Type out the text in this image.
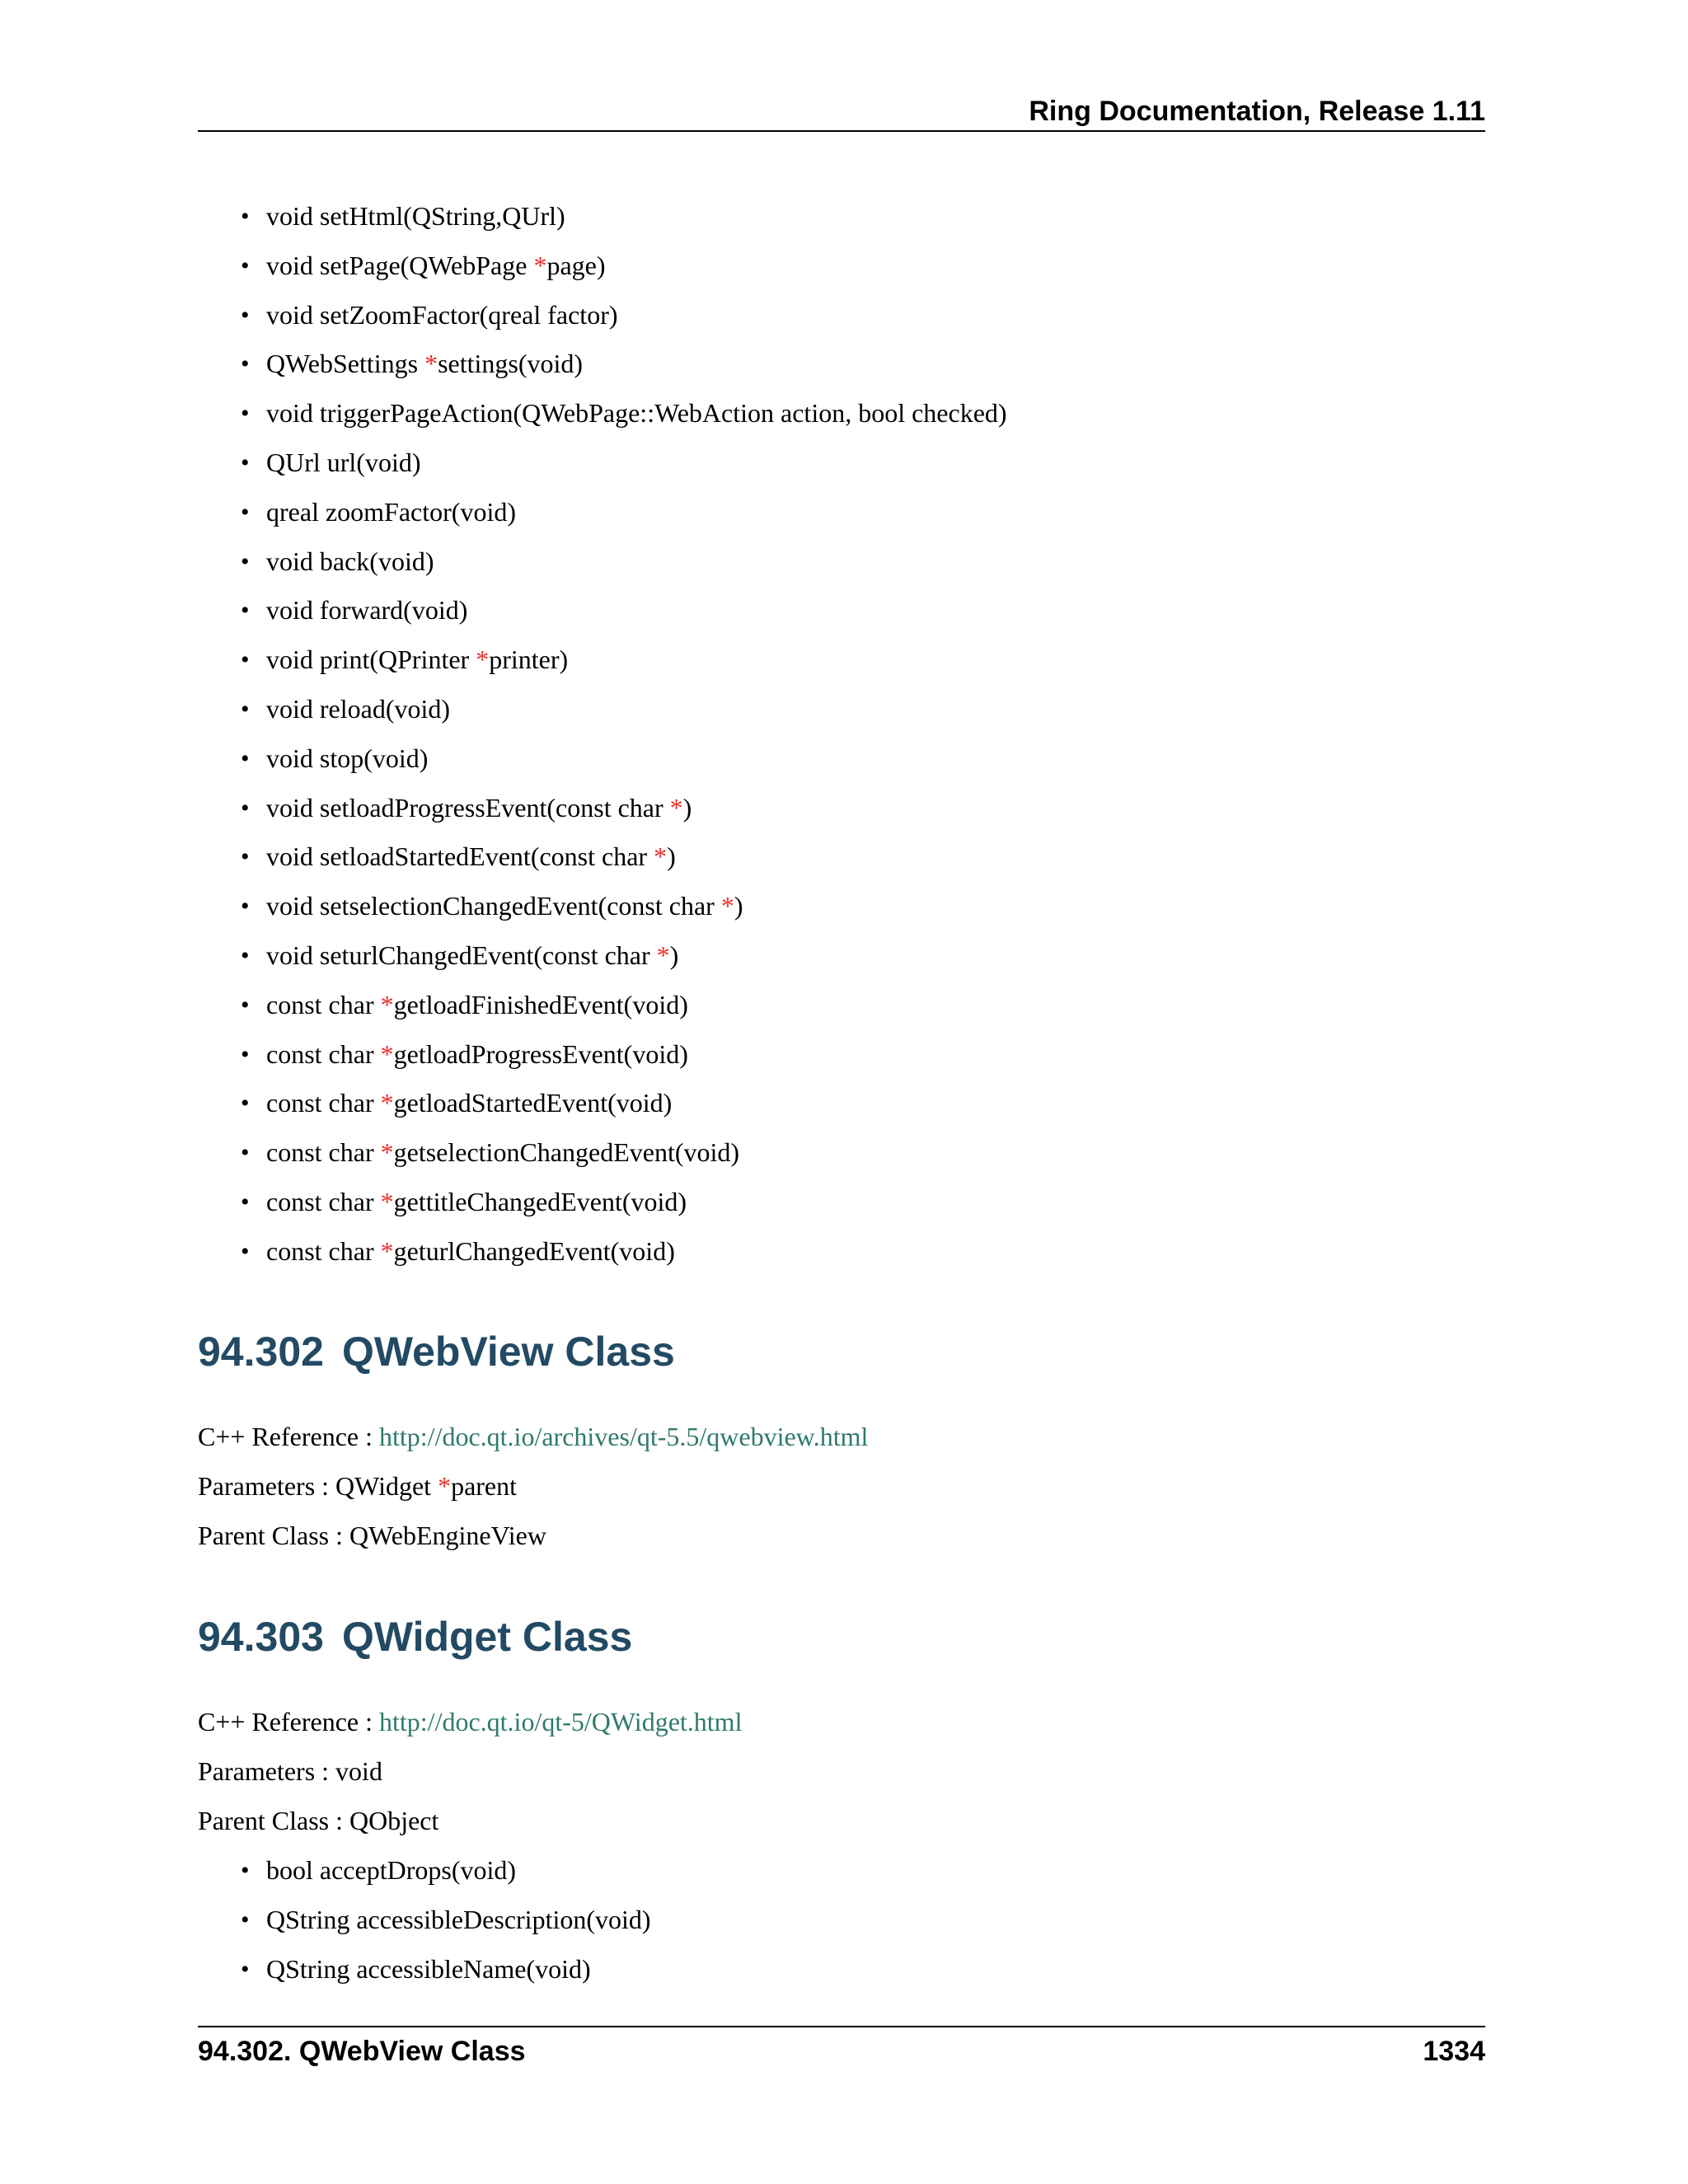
Ring Documentation, Release 1.11
• void setHtml(QString,QUrl)
• void setPage(QWebPage *page)
• void setZoomFactor(qreal factor)
• QWebSettings *settings(void)
• void triggerPageAction(QWebPage::WebAction action, bool checked)
• QUrl url(void)
• qreal zoomFactor(void)
• void back(void)
• void forward(void)
• void print(QPrinter *printer)
• void reload(void)
• void stop(void)
• void setloadProgressEvent(const char *)
• void setloadStartedEvent(const char *)
• void setselectionChangedEvent(const char *)
• void seturlChangedEvent(const char *)
• const char *getloadFinishedEvent(void)
• const char *getloadProgressEvent(void)
• const char *getloadStartedEvent(void)
• const char *getselectionChangedEvent(void)
• const char *gettitleChangedEvent(void)
• const char *geturlChangedEvent(void)
94.302 QWebView Class
C++ Reference : http://doc.qt.io/archives/qt-5.5/qwebview.html
Parameters : QWidget *parent
Parent Class : QWebEngineView
94.303 QWidget Class
C++ Reference : http://doc.qt.io/qt-5/QWidget.html
Parameters : void
Parent Class : QObject
• bool acceptDrops(void)
• QString accessibleDescription(void)
• QString accessibleName(void)
94.302. QWebView Class	1334
